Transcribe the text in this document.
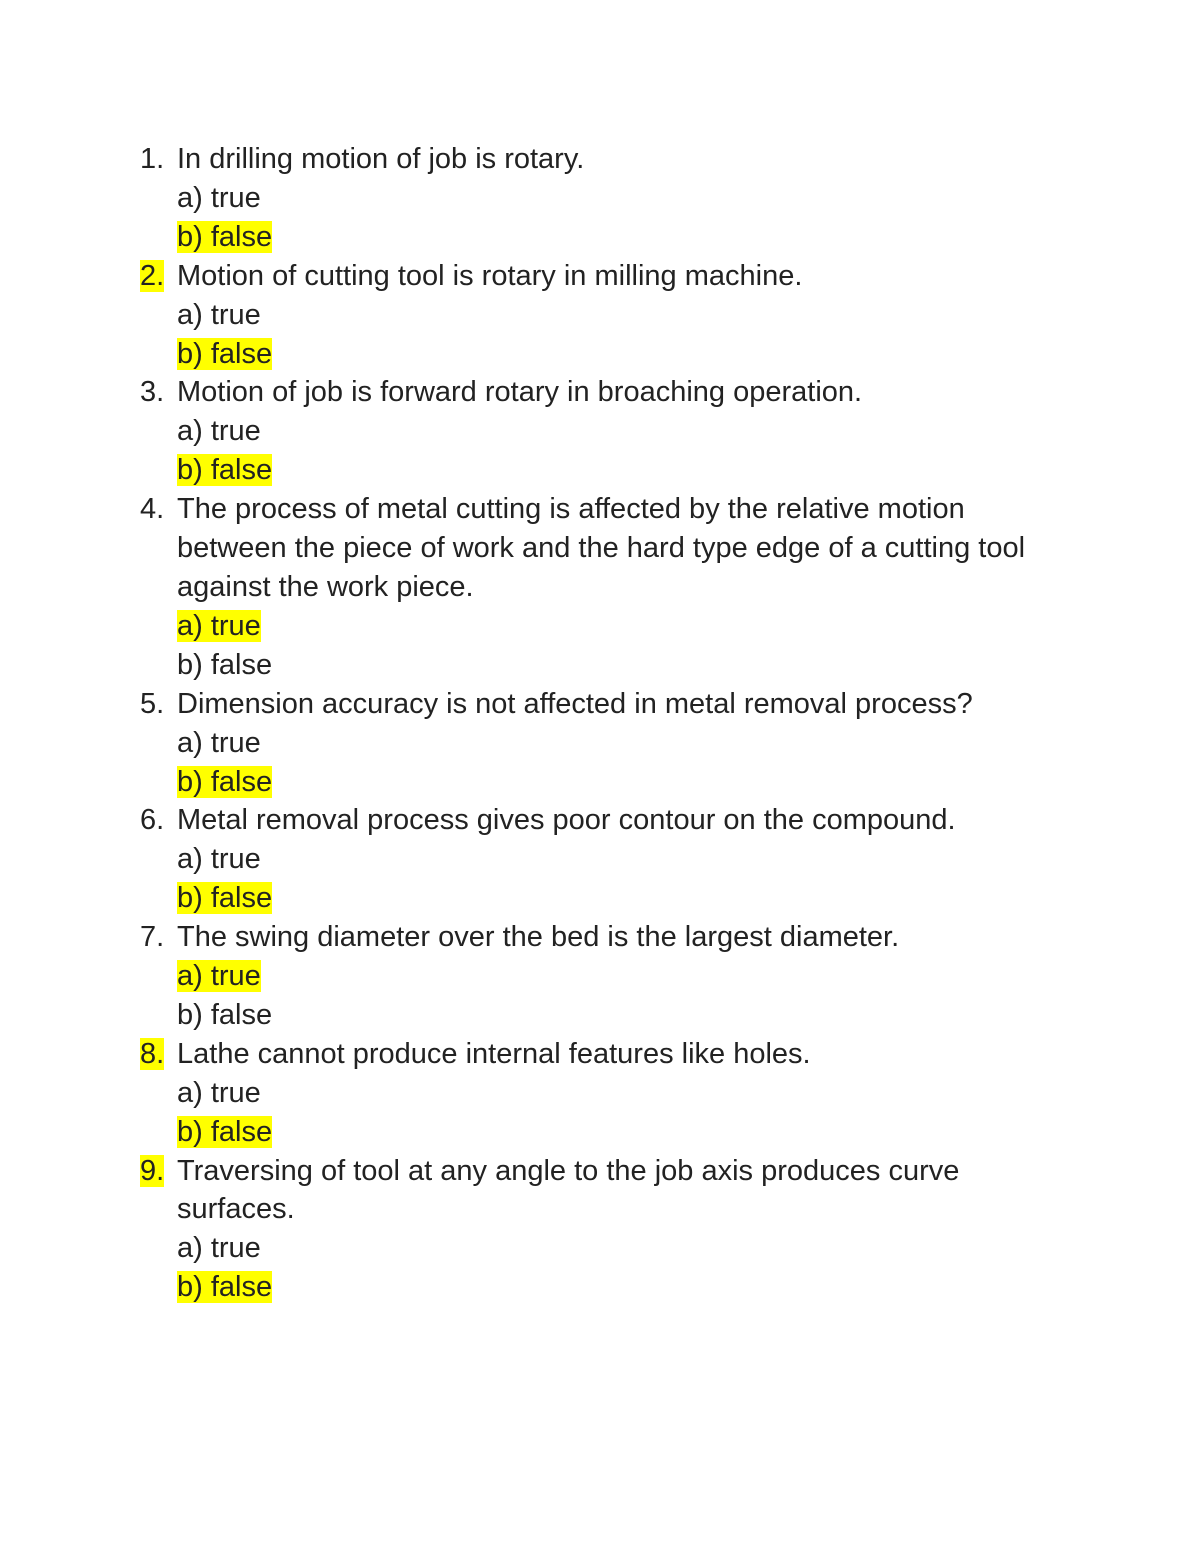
1. In drilling motion of job is rotary.
a) true
b) false
2. Motion of cutting tool is rotary in milling machine.
a) true
b) false
3. Motion of job is forward rotary in broaching operation.
a) true
b) false
4. The process of metal cutting is affected by the relative motion between the piece of work and the hard type edge of a cutting tool against the work piece.
a) true
b) false
5. Dimension accuracy is not affected in metal removal process?
a) true
b) false
6. Metal removal process gives poor contour on the compound.
a) true
b) false
7. The swing diameter over the bed is the largest diameter.
a) true
b) false
8. Lathe cannot produce internal features like holes.
a) true
b) false
9. Traversing of tool at any angle to the job axis produces curve surfaces.
a) true
b) false
